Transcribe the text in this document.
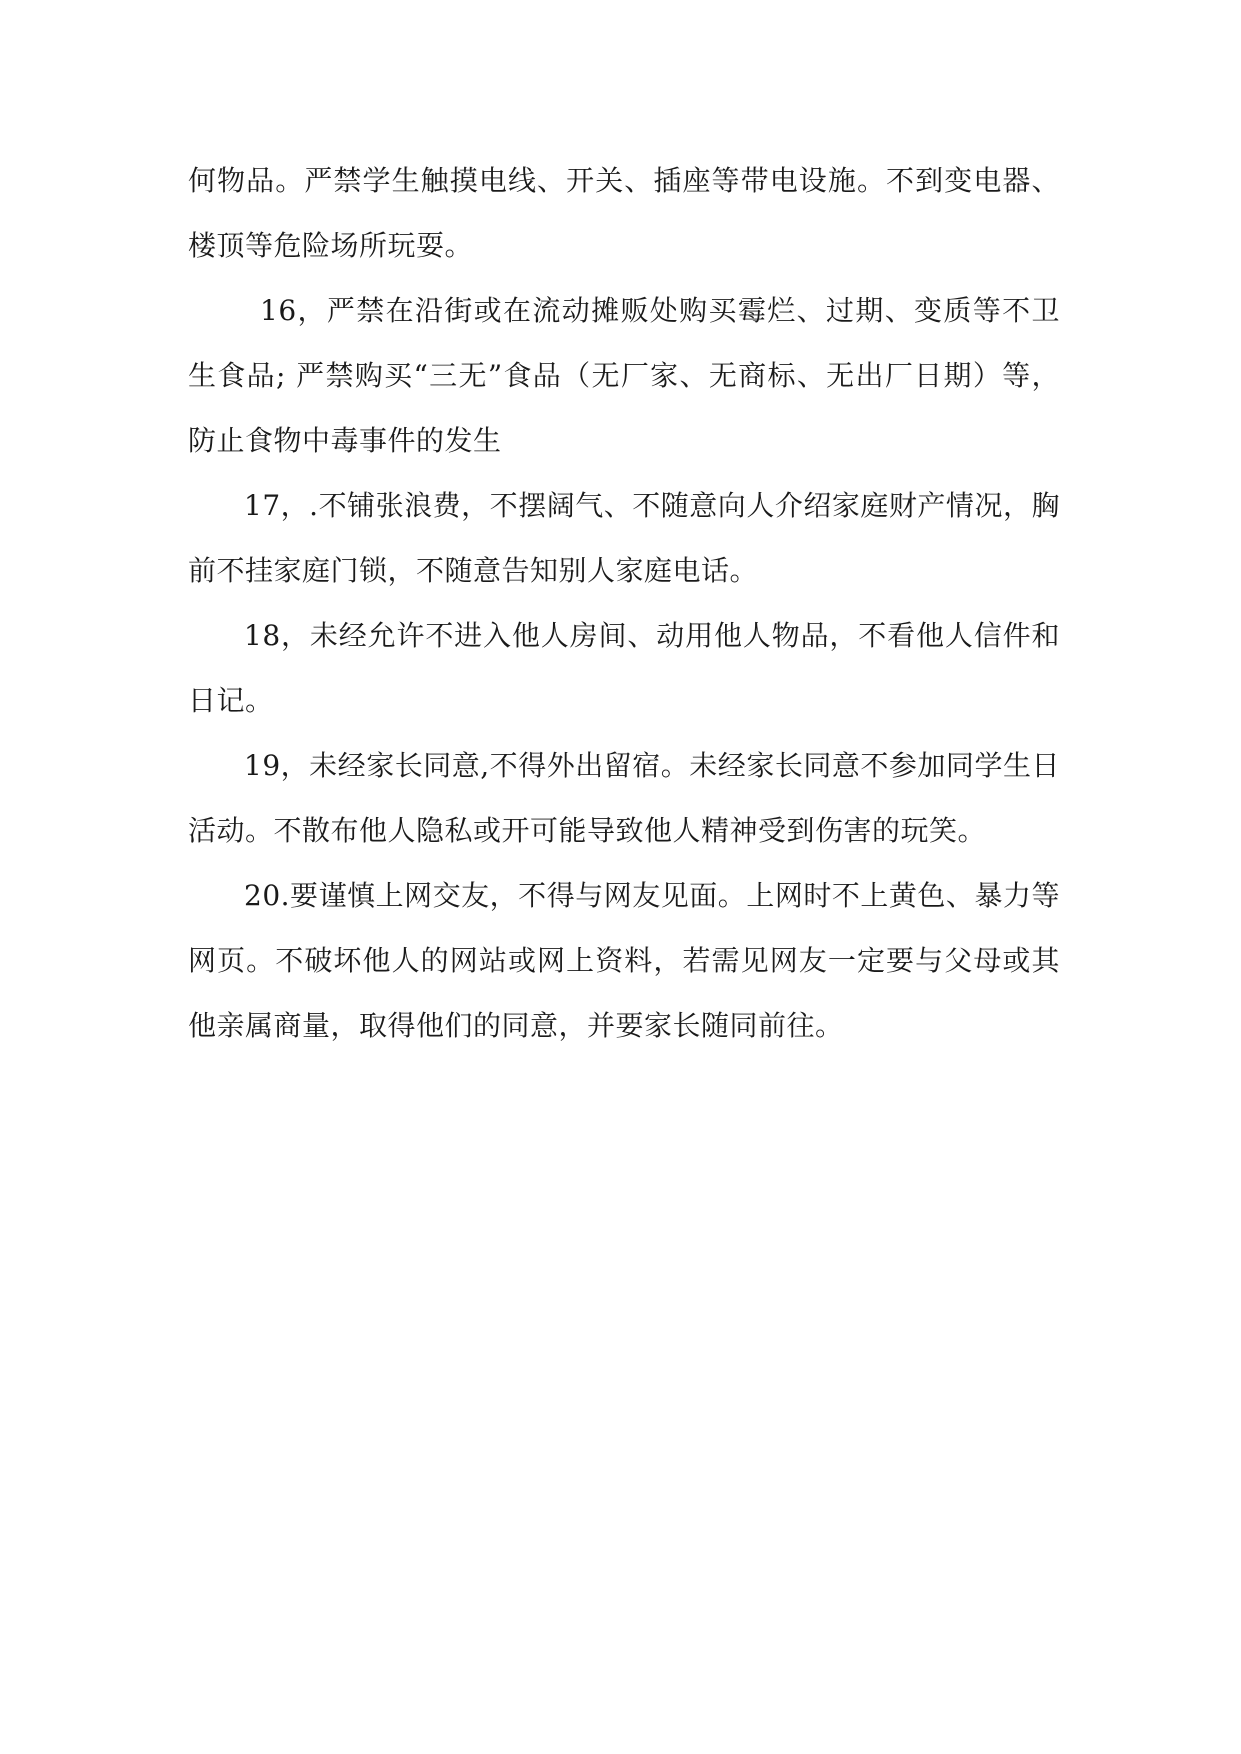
何物品。严禁学生触摸电线、开关、插座等带电设施。不到变电器、楼顶等危险场所玩耍。

16，严禁在沿街或在流动摊贩处购买霉烂、过期、变质等不卫生食品; 严禁购买“三无”食品（无厂家、无商标、无出厂日期）等，防止食物中毒事件的发生

17，.不铺张浪费，不摆阔气、不随意向人介绍家庭财产情况，胸前不挂家庭门锁，不随意告知别人家庭电话。

18，未经允许不进入他人房间、动用他人物品，不看他人信件和日记。

19，未经家长同意,不得外出留宿。未经家长同意不参加同学生日活动。不散布他人隐私或开可能导致他人精神受到伤害的玩笑。

20.要谨慎上网交友，不得与网友见面。上网时不上黄色、暴力等网页。不破坏他人的网站或网上资料，若需见网友一定要与父母或其他亲属商量，取得他们的同意，并要家长随同前往。
